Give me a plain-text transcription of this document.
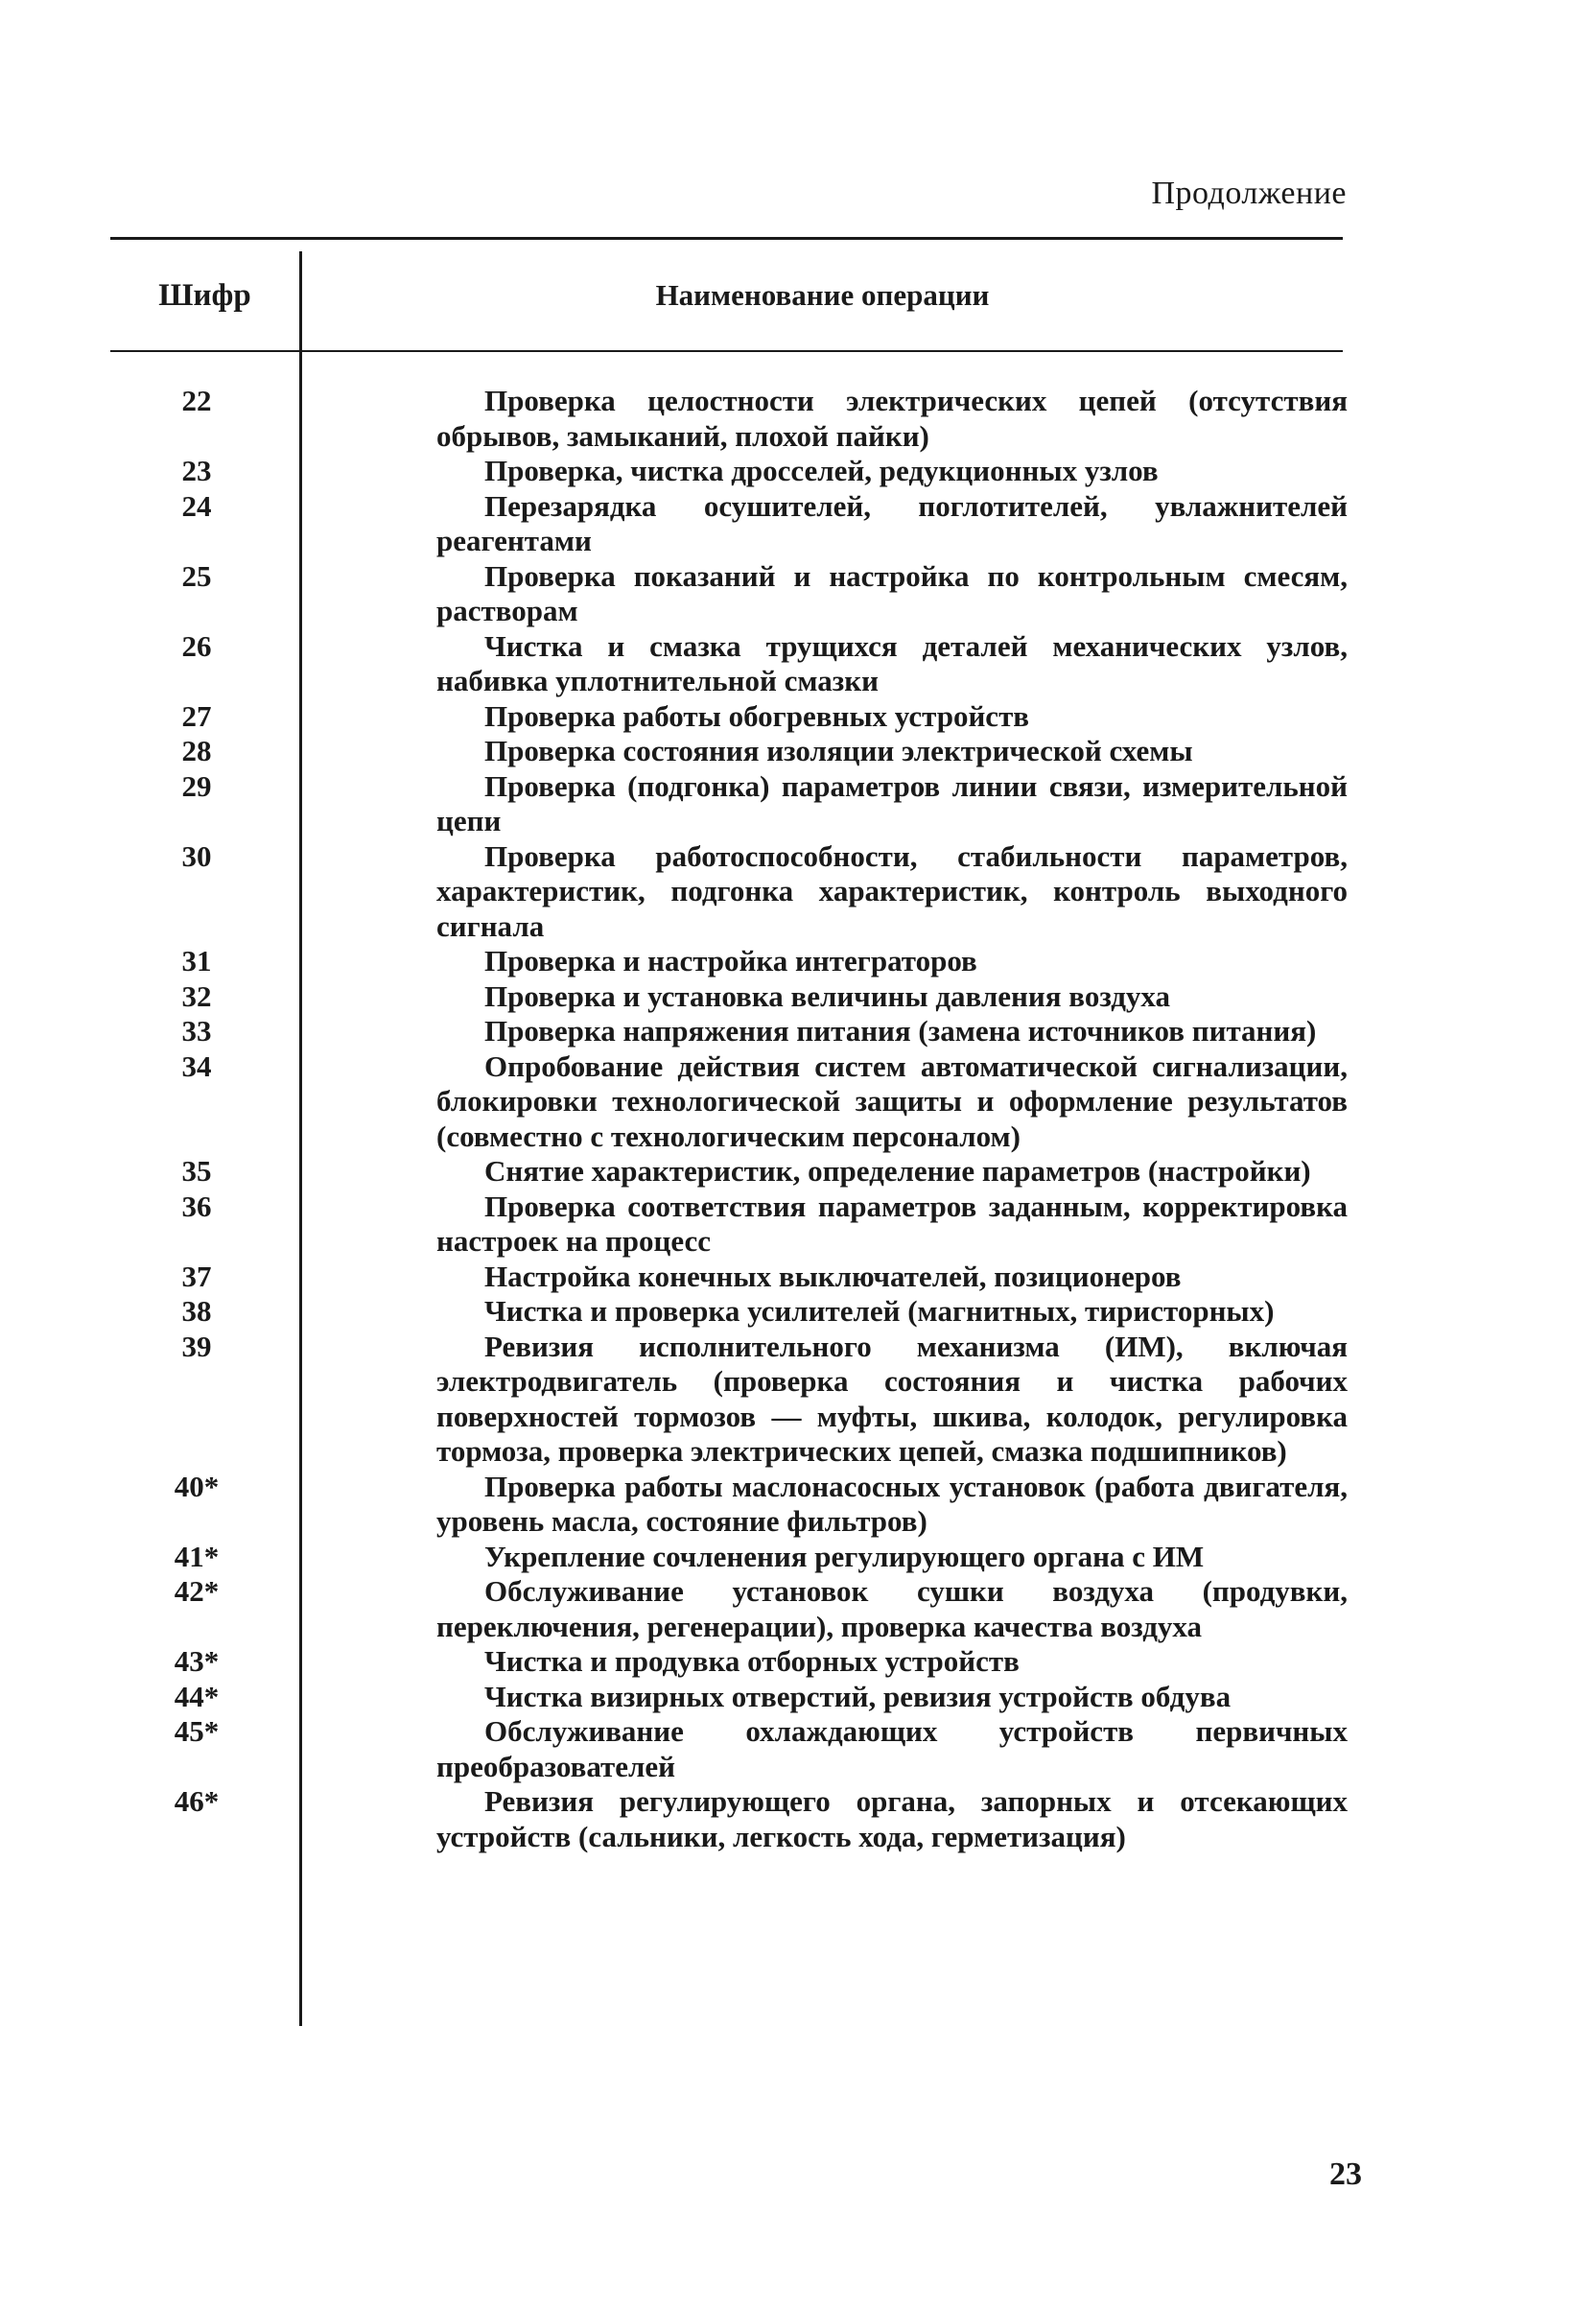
Продолжение
Шифр	Наименование операции
22	Проверка целостности электрических цепей (отсутствия обрывов, замыканий, плохой пайки)
23	Проверка, чистка дросселей, редукционных узлов
24	Перезарядка осушителей, поглотителей, увлажнителей реагентами
25	Проверка показаний и настройка по контрольным смесям, растворам
26	Чистка и смазка трущихся деталей механических узлов, набивка уплотнительной смазки
27	Проверка работы обогревных устройств
28	Проверка состояния изоляции электрической схемы
29	Проверка (подгонка) параметров линии связи, измерительной цепи
30	Проверка работоспособности, стабильности параметров, характеристик, подгонка характеристик, контроль выходного сигнала
31	Проверка и настройка интеграторов
32	Проверка и установка величины давления воздуха
33	Проверка напряжения питания (замена источников питания)
34	Опробование действия систем автоматической сигнализации, блокировки технологической защиты и оформление результатов (совместно с технологическим персоналом)
35	Снятие характеристик, определение параметров (настройки)
36	Проверка соответствия параметров заданным, корректировка настроек на процесс
37	Настройка конечных выключателей, позиционеров
38	Чистка и проверка усилителей (магнитных, тиристорных)
39	Ревизия исполнительного механизма (ИМ), включая электродвигатель (проверка состояния и чистка рабочих поверхностей тормозов — муфты, шкива, колодок, регулировка тормоза, проверка электрических цепей, смазка подшипников)
40*	Проверка работы маслонасосных установок (работа двигателя, уровень масла, состояние фильтров)
41*	Укрепление сочленения регулирующего органа с ИМ
42*	Обслуживание установок сушки воздуха (продувки, переключения, регенерации), проверка качества воздуха
43*	Чистка и продувка отборных устройств
44*	Чистка визирных отверстий, ревизия устройств обдува
45*	Обслуживание охлаждающих устройств первичных преобразователей
46*	Ревизия регулирующего органа, запорных и отсекающих устройств (сальники, легкость хода, герметизация)
23
